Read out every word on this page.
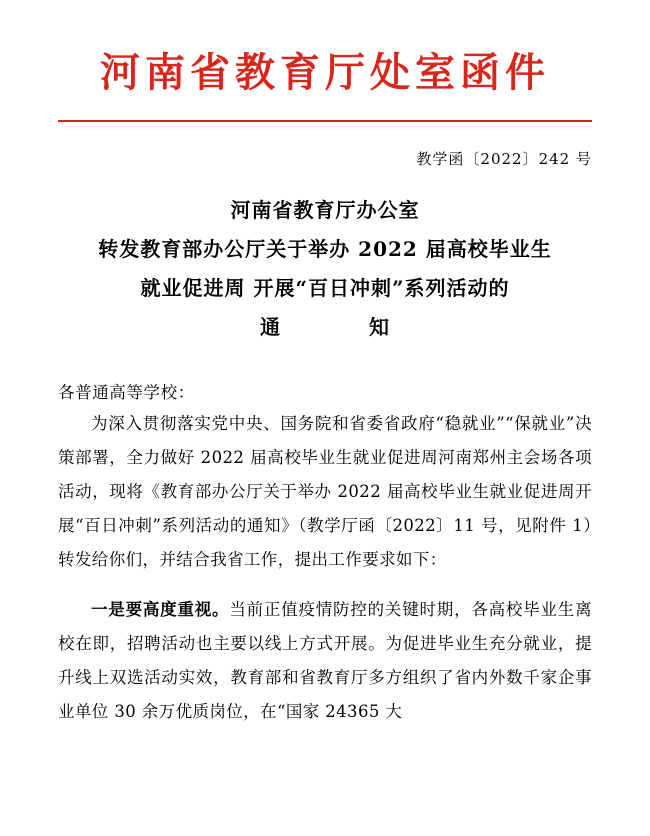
河南省教育厅处室函件
教学函〔2022〕242 号
河南省教育厅办公室
转发教育部办公厅关于举办 2022 届高校毕业生
就业促进周 开展“百日冲刺”系列活动的
通	知
各普通高等学校：

为深入贯彻落实党中央、国务院和省委省政府“稳就业”“保就业”决策部署，全力做好 2022 届高校毕业生就业促进周河南郑州主会场各项活动，现将《教育部办公厅关于举办 2022 届高校毕业生就业促进周开展“百日冲刺”系列活动的通知》（教学厅函〔2022〕11 号，见附件 1）转发给你们，并结合我省工作，提出工作要求如下：

一是要高度重视。当前正值疫情防控的关键时期，各高校毕业生离校在即，招聘活动也主要以线上方式开展。为促进毕业生充分就业，提升线上双选活动实效，教育部和省教育厅多方组织了省内外数千家企事业单位 30 余万优质岗位，在“国家 24365 大
